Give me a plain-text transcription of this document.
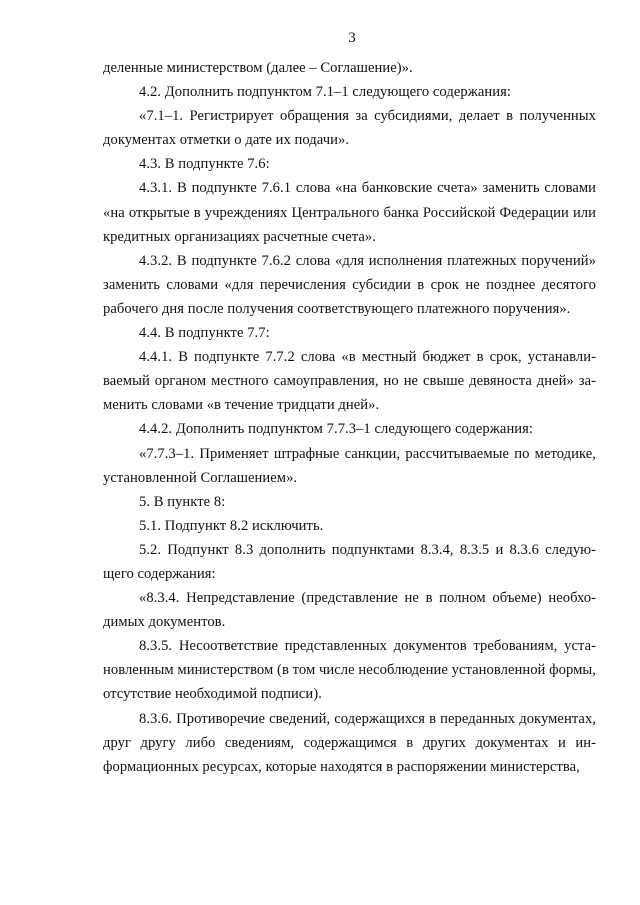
3

деленные министерством (далее – Соглашение)».

4.2. Дополнить подпунктом 7.1–1 следующего содержания:

«7.1–1. Регистрирует обращения за субсидиями, делает в полученных документах отметки о дате их подачи».

4.3. В подпункте 7.6:

4.3.1. В подпункте 7.6.1 слова «на банковские счета» заменить словами «на открытые в учреждениях Центрального банка Российской Федерации или кредитных организациях расчетные счета».

4.3.2. В подпункте 7.6.2 слова «для исполнения платежных поручений» заменить словами «для перечисления субсидии в срок не позднее десятого рабочего дня после получения соответствующего платежного поручения».

4.4. В подпункте 7.7:

4.4.1. В подпункте 7.7.2 слова «в местный бюджет в срок, устанавливаемый органом местного самоуправления, но не свыше девяноста дней» заменить словами «в течение тридцати дней».

4.4.2. Дополнить подпунктом 7.7.3–1 следующего содержания:

«7.7.3–1. Применяет штрафные санкции, рассчитываемые по методике, установленной Соглашением».

5. В пункте 8:

5.1. Подпункт 8.2 исключить.

5.2. Подпункт 8.3 дополнить подпунктами 8.3.4, 8.3.5 и 8.3.6 следующего содержания:

«8.3.4. Непредставление (представление не в полном объеме) необходимых документов.

8.3.5. Несоответствие представленных документов требованиям, установленным министерством (в том числе несоблюдение установленной формы, отсутствие необходимой подписи).

8.3.6. Противоречие сведений, содержащихся в переданных документах, друг другу либо сведениям, содержащимся в других документах и информационных ресурсах, которые находятся в распоряжении министерства,
